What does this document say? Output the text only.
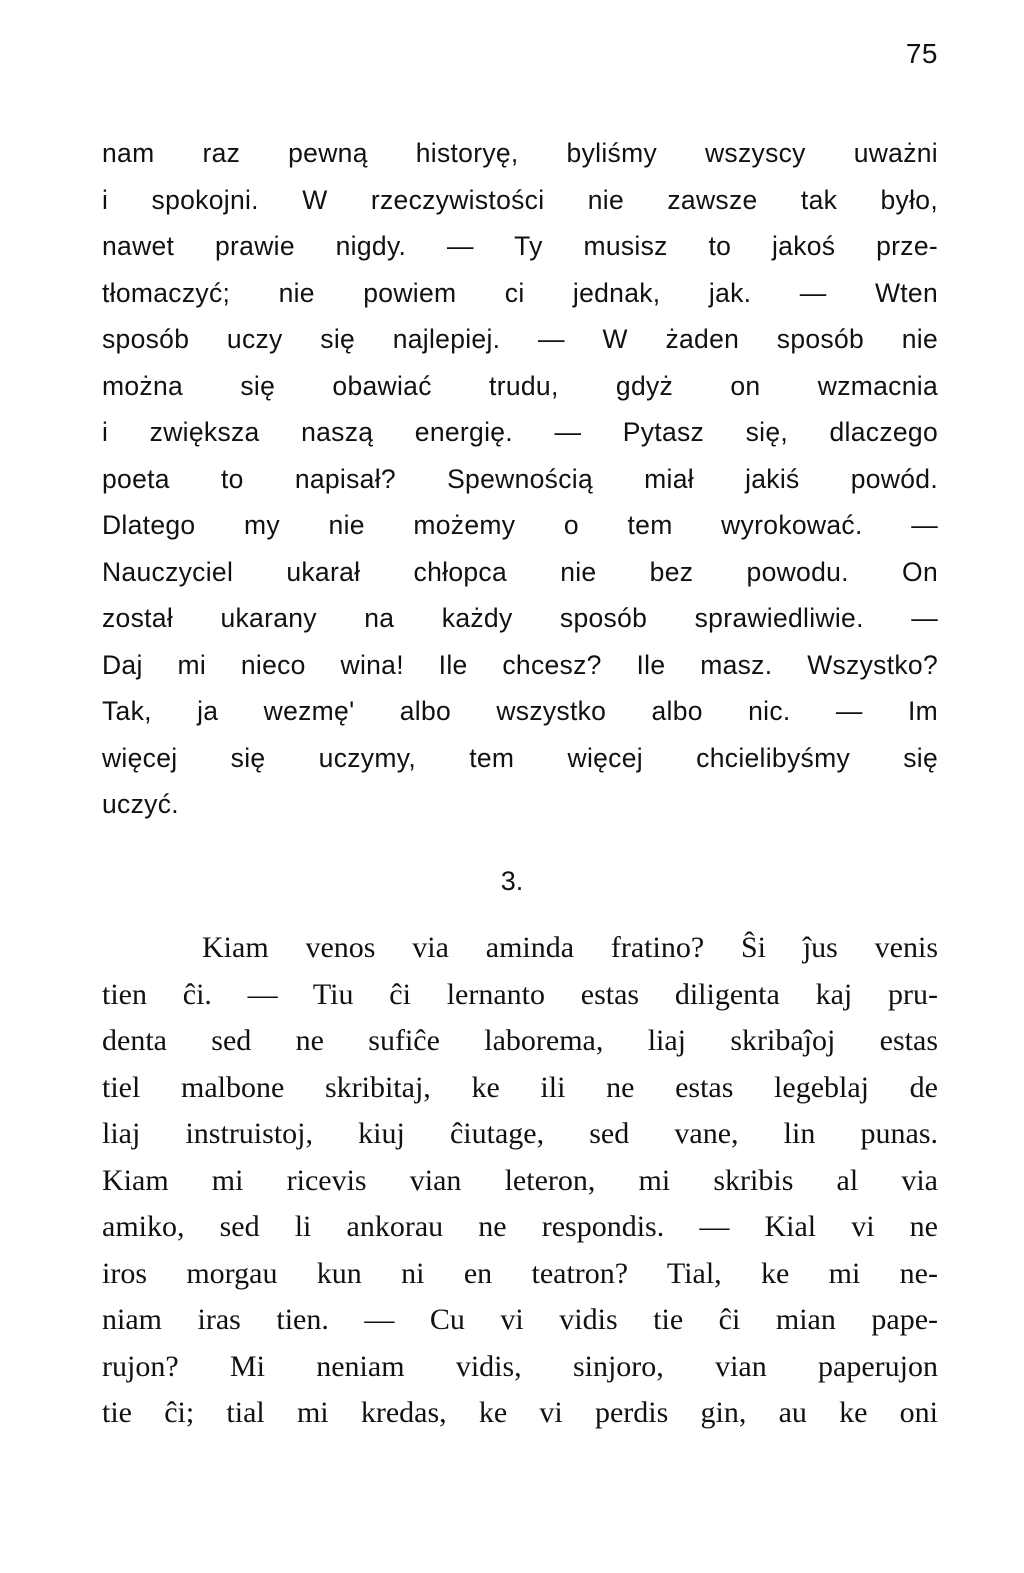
75
nam raz pewną historyę, byliśmy wszyscy uważni
i spokojni. W rzeczywistości nie zawsze tak było,
nawet prawie nigdy. — Ty musisz to jakoś prze-
tłomaczyć; nie powiem ci jednak, jak. — Wten
sposób uczy się najlepiej. — W żaden sposób nie
można się obawiać trudu, gdyż on wzmacnia
i zwiększa naszą energię. — Pytasz się, dlaczego
poeta to napisał? Spewnością miał jakiś powód.
Dlatego my nie możemy o tem wyrokować. —
Nauczyciel ukarał chłopca nie bez powodu. On
został ukarany na każdy sposób sprawiedliwie. —
Daj mi nieco wina! Ile chcesz? Ile masz. Wszystko?
Tak, ja wezmę' albo wszystko albo nic. — Im
więcej się uczymy, tem więcej chcielibyśmy się
uczyć.
3.
Kiam venos via aminda fratino? Ŝi ĵus venis
tien ĉi. — Tiu ĉi lernanto estas diligenta kaj pru-
denta sed ne sufiĉe laborema, liaj skribaĵoj estas
tiel malbone skribitaj, ke ili ne estas legeblaj de
liaj instruistoj, kiuj ĉiutage, sed vane, lin punas.
Kiam mi ricevis vian leteron, mi skribis al via
amiko, sed li ankorau ne respondis. — Kial vi ne
iros morgau kun ni en teatron? Tial, ke mi ne-
niam iras tien. — Cu vi vidis tie ĉi mian pape-
rujon? Mi neniam vidis, sinjoro, vian paperujon
tie ĉi; tial mi kredas, ke vi perdis gin, au ke oni
